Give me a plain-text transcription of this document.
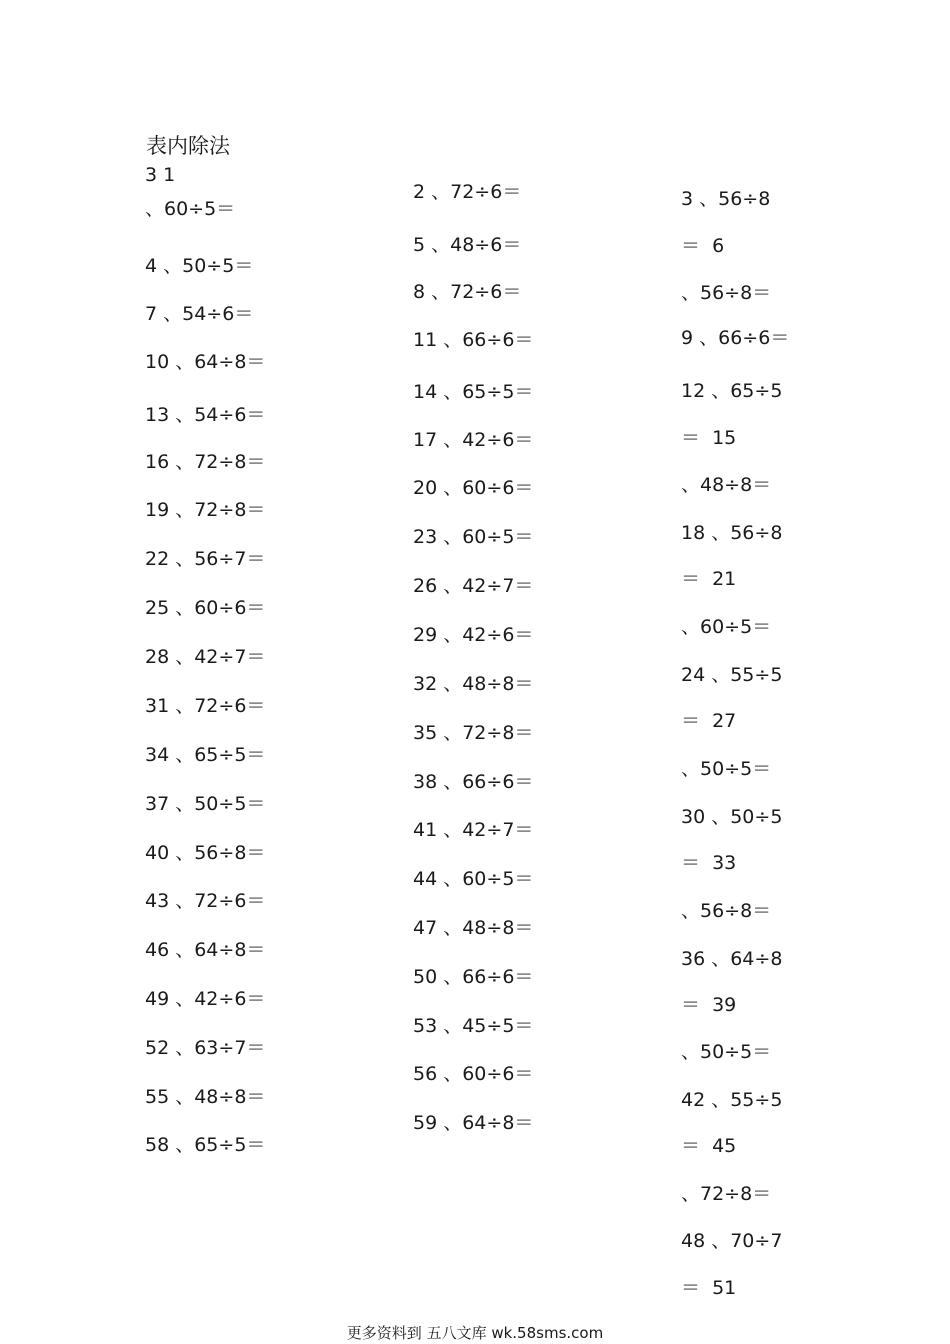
表内除法
3 1
、60÷5＝
4 、50÷5＝
7 、54÷6＝
10 、64÷8＝
13 、54÷6＝
16 、72÷8＝
19 、72÷8＝
22 、56÷7＝
25 、60÷6＝
28 、42÷7＝
31 、72÷6＝
34 、65÷5＝
37 、50÷5＝
40 、56÷8＝
43 、72÷6＝
46 、64÷8＝
49 、42÷6＝
52 、63÷7＝
55 、48÷8＝
58 、65÷5＝
2 、72÷6＝
5 、48÷6＝
8 、72÷6＝
11 、66÷6＝
14 、65÷5＝
17 、42÷6＝
20 、60÷6＝
23 、60÷5＝
26 、42÷7＝
29 、42÷6＝
32 、48÷8＝
35 、72÷8＝
38 、66÷6＝
41 、42÷7＝
44 、60÷5＝
47 、48÷8＝
50 、66÷6＝
53 、45÷5＝
56 、60÷6＝
59 、64÷8＝
3 、56÷8
＝  6
、56÷8＝
9 、66÷6＝
12 、65÷5
＝  15
、48÷8＝
18 、56÷8
＝  21
、60÷5＝
24 、55÷5
＝  27
、50÷5＝
30 、50÷5
＝  33
、56÷8＝
36 、64÷8
＝  39
、50÷5＝
42 、55÷5
＝  45
、72÷8＝
48 、70÷7
＝  51
更多资料到 五八文库 wk.58sms.com
